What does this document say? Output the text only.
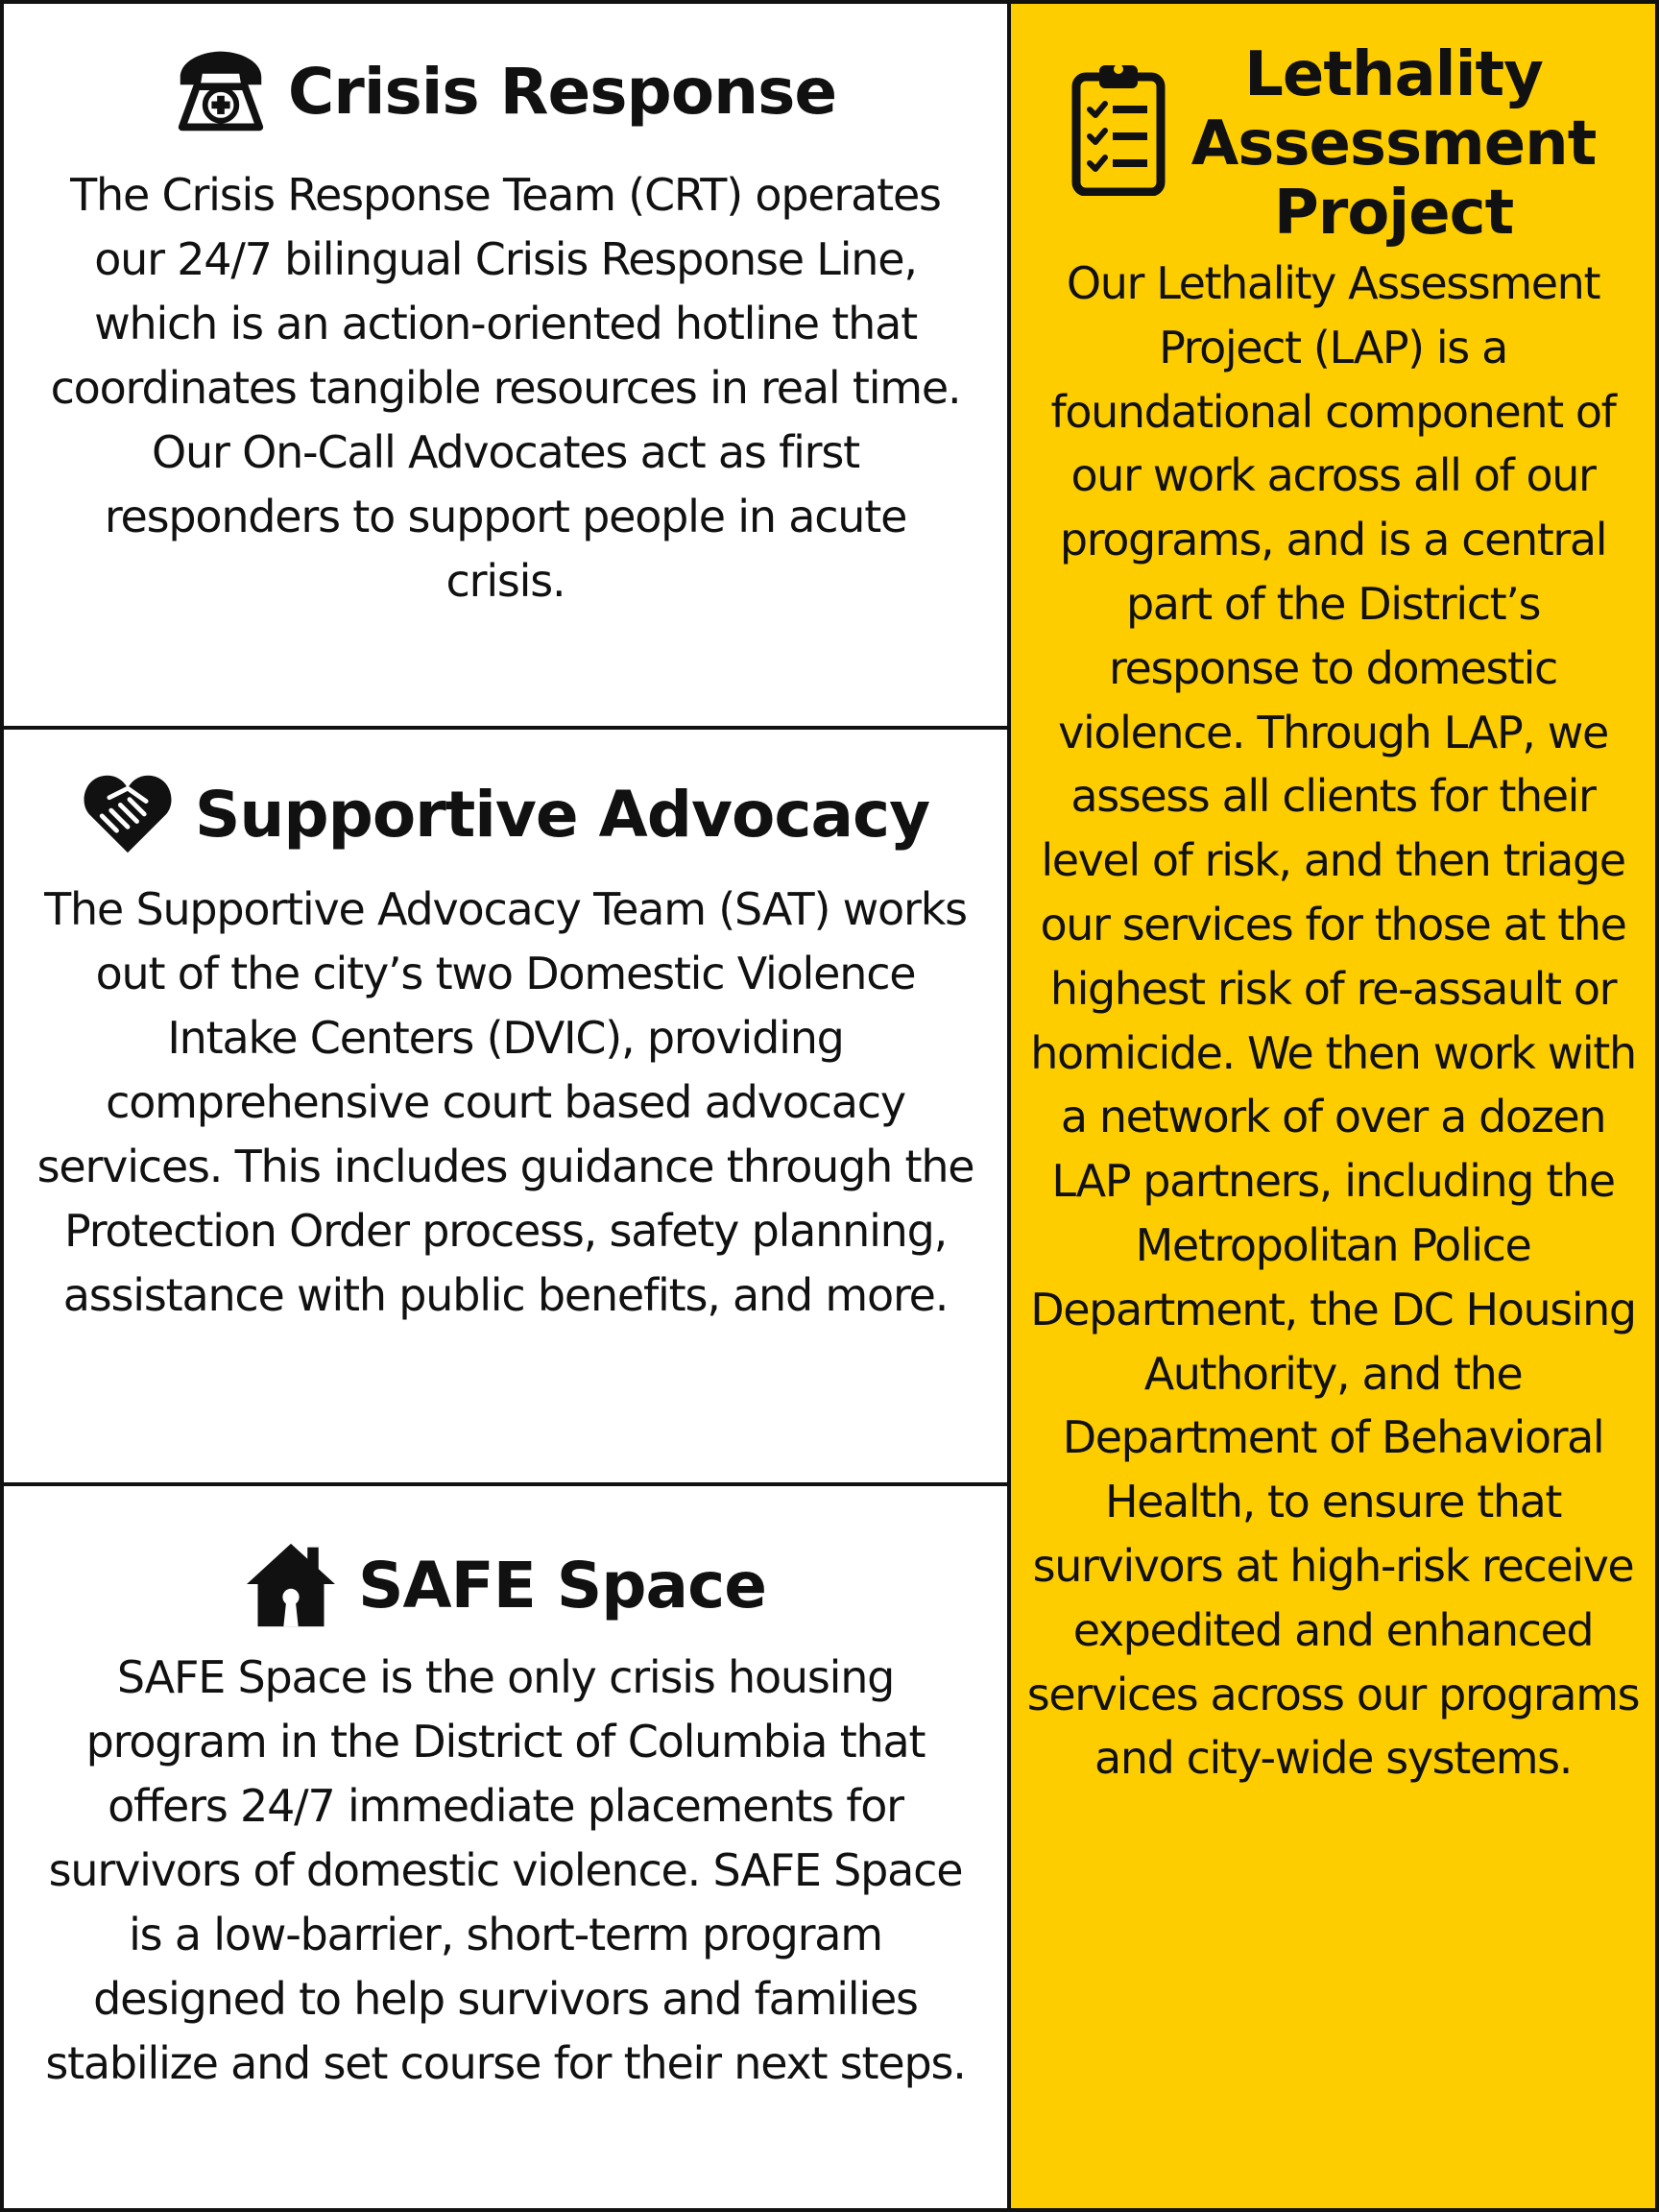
Crisis Response

The Crisis Response Team (CRT) operates our 24/7 bilingual Crisis Response Line, which is an action-oriented hotline that coordinates tangible resources in real time. Our On-Call Advocates act as first responders to support people in acute crisis.

Supportive Advocacy

The Supportive Advocacy Team (SAT) works out of the city’s two Domestic Violence Intake Centers (DVIC), providing comprehensive court based advocacy services. This includes guidance through the Protection Order process, safety planning, assistance with public benefits, and more.

SAFE Space

SAFE Space is the only crisis housing program in the District of Columbia that offers 24/7 immediate placements for survivors of domestic violence. SAFE Space is a low-barrier, short-term program designed to help survivors and families stabilize and set course for their next steps.

Lethality
Assessment
Project

Our Lethality Assessment Project (LAP) is a foundational component of our work across all of our programs, and is a central part of the District’s response to domestic violence. Through LAP, we assess all clients for their level of risk, and then triage our services for those at the highest risk of re-assault or homicide. We then work with a network of over a dozen LAP partners, including the Metropolitan Police Department, the DC Housing Authority, and the Department of Behavioral Health, to ensure that survivors at high-risk receive expedited and enhanced services across our programs and city-wide systems.
